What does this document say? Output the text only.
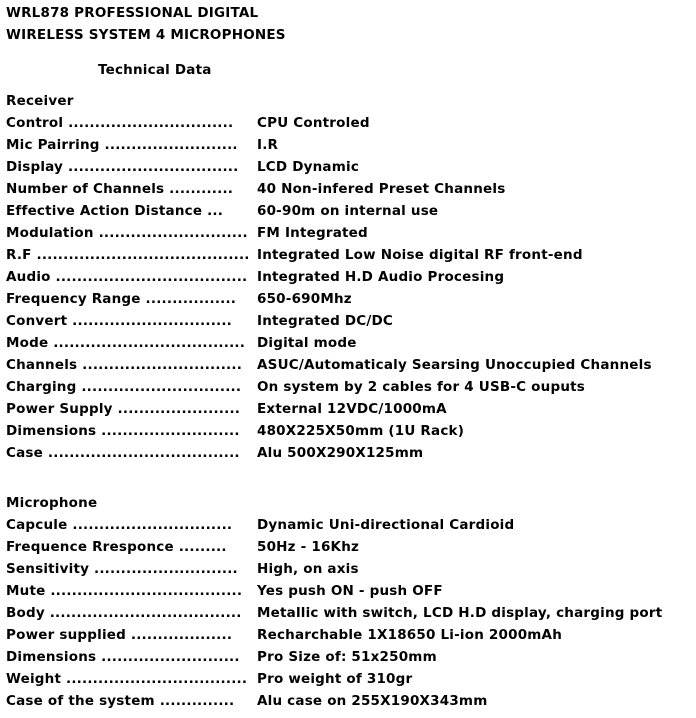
WRL878 PROFESSIONAL DIGITAL
WIRELESS SYSTEM 4 MICROPHONES
Technical Data
Receiver
Control ............................... CPU Controled
Mic Pairring ......................... I.R
Display ................................ LCD Dynamic
Number of Channels ............ 40 Non-infered Preset Channels
Effective Action Distance ...	60-90m on internal use
Modulation ............................ FM Integrated
R.F ........................................ Integrated Low Noise digital RF front-end
Audio .................................... Integrated H.D Audio Procesing
Frequency Range ................. 650-690Mhz
Convert .............................. Integrated DC/DC
Mode .................................... Digital mode
Channels .............................. ASUC/Automaticaly Searsing Unoccupied Channels
Charging .............................. On system by 2 cables for 4 USB-C ouputs
Power Supply ....................... External 12VDC/1000mA
Dimensions .......................... 480X225X50mm (1U Rack)
Case .................................... Alu 500X290X125mm
Microphone
Capcule .............................. Dynamic Uni-directional Cardioid
Frequence Rresponce ......... 50Hz - 16Khz
Sensitivity ........................... High, on axis
Mute .................................... Yes push ON - push OFF
Body .................................... Metallic with switch, LCD H.D display, charging port
Power supplied ................... Recharchable 1X18650 Li-ion 2000mAh
Dimensions .......................... Pro Size of: 51x250mm
Weight .................................. Pro weight of 310gr
Case of the system .............. Alu case on 255X190X343mm
